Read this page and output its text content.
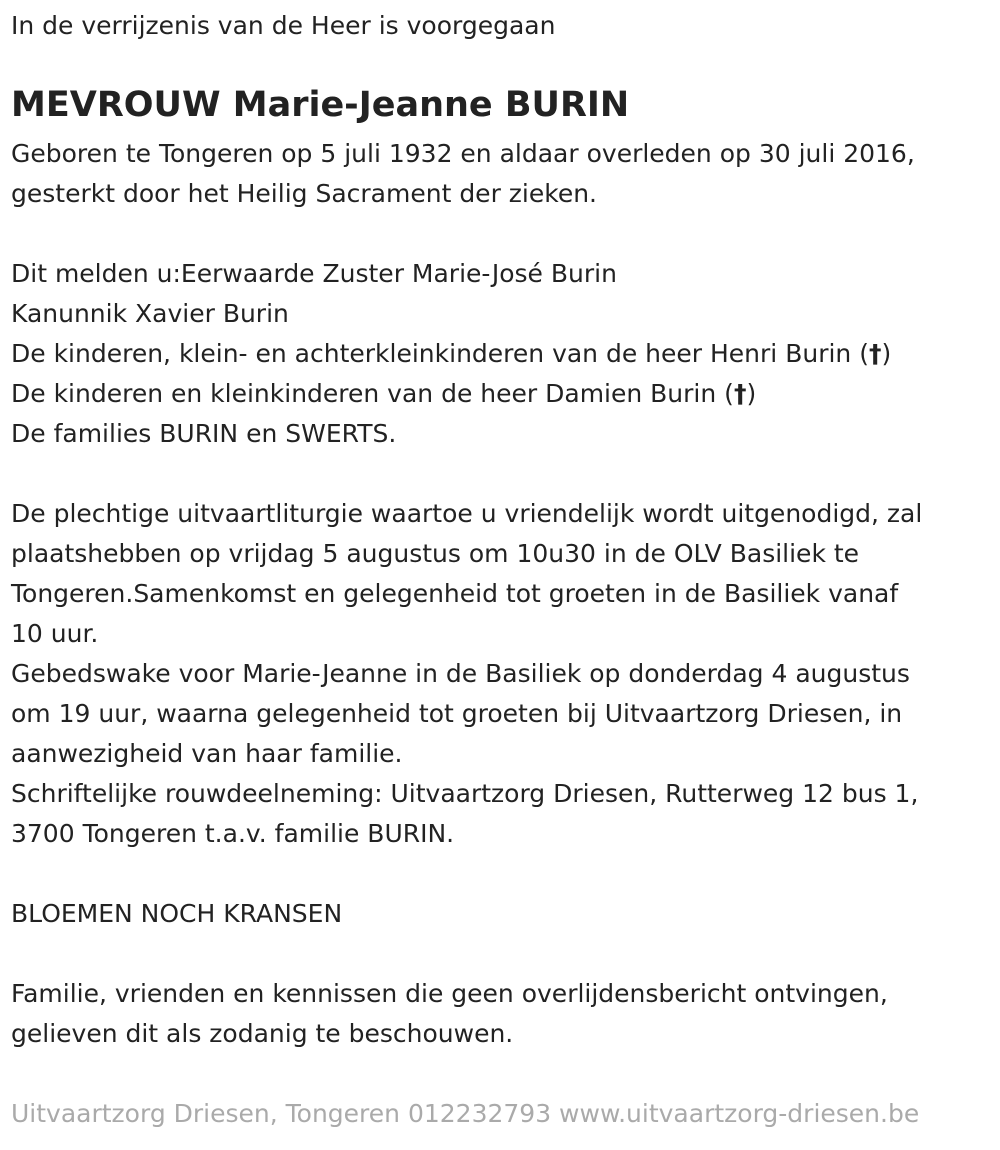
In de verrijzenis van de Heer is voorgegaan

MEVROUW Marie-Jeanne BURIN

Geboren te Tongeren op 5 juli 1932 en aldaar overleden op 30 juli 2016,

gesterkt door het Heilig Sacrament der zieken.

Dit melden u:Eerwaarde Zuster Marie-José Burin

Kanunnik Xavier Burin

De kinderen, klein- en achterkleinkinderen van de heer Henri Burin (†)

De kinderen en kleinkinderen van de heer Damien Burin (†)

De families BURIN en SWERTS.

De plechtige uitvaartliturgie waartoe u vriendelijk wordt uitgenodigd, zal

plaatshebben op vrijdag 5 augustus om 10u30 in de OLV Basiliek te

Tongeren.Samenkomst en gelegenheid tot groeten in de Basiliek vanaf

10 uur.

Gebedswake voor Marie-Jeanne in de Basiliek op donderdag 4 augustus

om 19 uur, waarna gelegenheid tot groeten bij Uitvaartzorg Driesen, in

aanwezigheid van haar familie.

Schriftelijke rouwdeelneming: Uitvaartzorg Driesen, Rutterweg 12 bus 1,

3700 Tongeren t.a.v. familie BURIN.

BLOEMEN NOCH KRANSEN

Familie, vrienden en kennissen die geen overlijdensbericht ontvingen,

gelieven dit als zodanig te beschouwen.

Uitvaartzorg Driesen, Tongeren 012232793 www.uitvaartzorg-driesen.be
